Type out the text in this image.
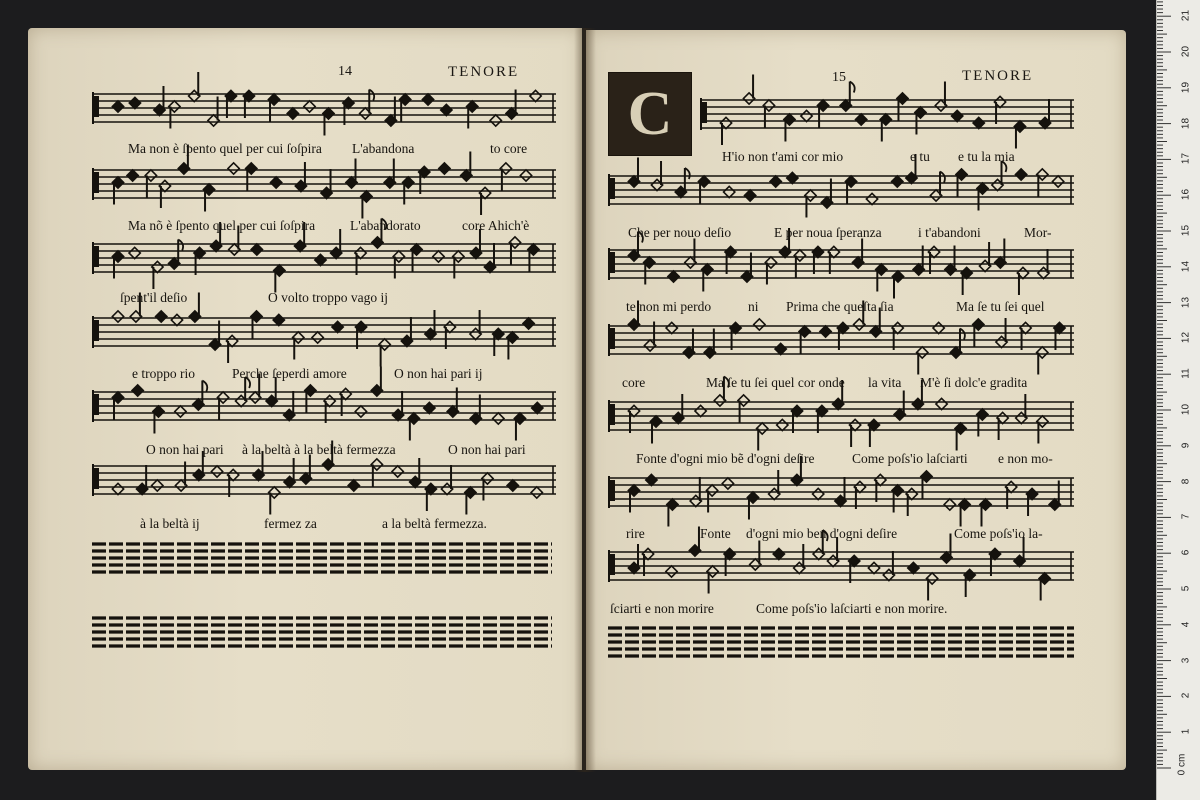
14	TENORE	15	TENORE
C
Ma non è ſpento quel per cui ſoſpira L'abandona	to core
Ma nõ è ſpento quel per cui ſoſpira	L'abandorato	core Ahich'è
ſpent'il deſio	O volto troppo vago ij
e troppo rio	Perche ſeperdi amore	O non hai pari ij
O non hai pari à la beltà à la beltà fermezza	O non hai pari
à la beltà ij	fermez za	a la beltà fermezza.
H'io non t'ami cor mio	e tu e tu la mia
Che per nouo deſio	E per noua ſperanza	i t'abandoni	Mor-
te non mi perdo	ni Prima che queſta ſia	Ma ſe tu ſei quel
core	Ma ſe tu ſei quel cor onde la vita M'è ſi dolc'e gradita
Fonte d'ogni mio bẽ d'ogni deſire	Come poſs'io laſciarti e non mo-
rire	Fonte d'ogni mio ben d'ogni deſire	Come poſs'io la-
ſciarti e non morire	Come poſs'io laſciarti e non morire.
1
2
3
4
5
6
7
8
9
10
11
12
13
14
15
16
17
18
19
20
21
0 cm
